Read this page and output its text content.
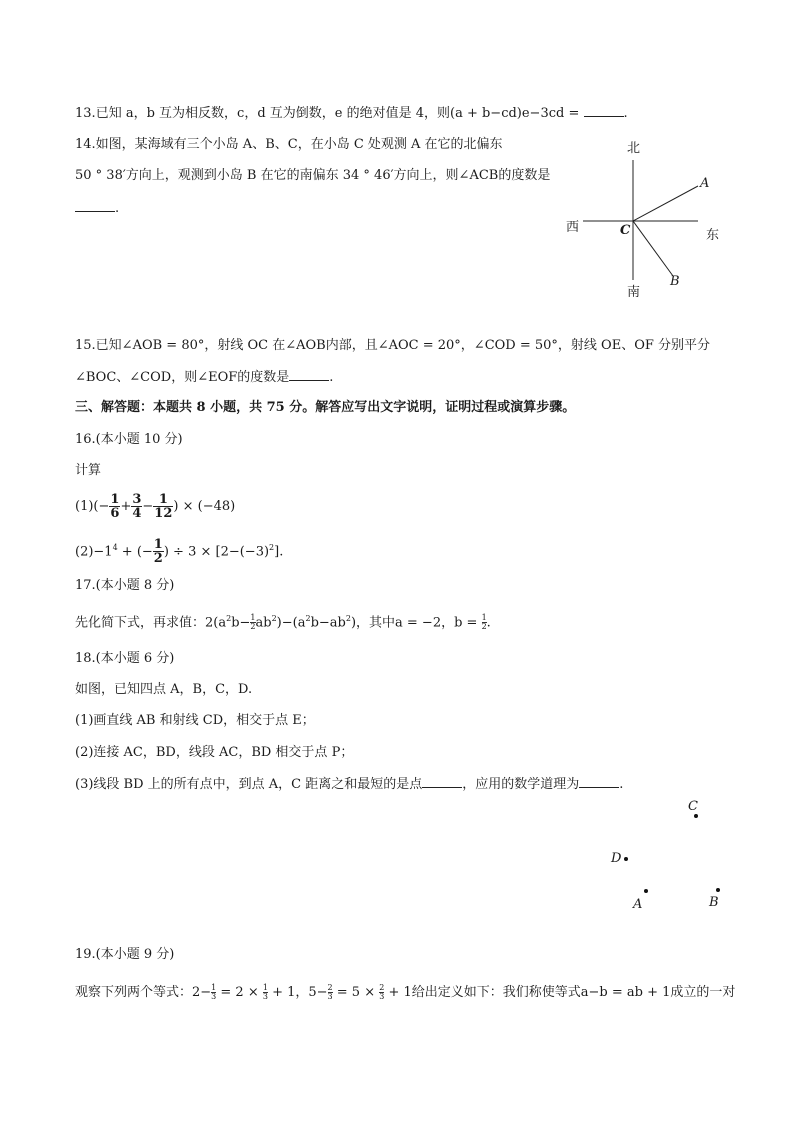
13.已知 a，b 互为相反数，c，d 互为倒数，e 的绝对值是 4，则(a + b−cd)e−3cd =	.
14.如图，某海域有三个小岛 A、B、C，在小岛 C 处观测 A 在它的北偏东
50 ° 38′方向上，观测到小岛 B 在它的南偏东 34 ° 46′方向上，则∠ACB的度数是
.
北
南
西
东
A
B
C
15.已知∠AOB = 80°，射线 OC 在∠AOB内部，且∠AOC = 20°，∠COD = 50°，射线 OE、OF 分别平分
∠BOC、∠COD，则∠EOF的度数是	.
三、解答题：本题共 8 小题，共 75 分。解答应写出文字说明，证明过程或演算步骤。
16.(本小题 10 分)
计算
$(1)(- \frac{1}{6} + \frac{3}{4} - \frac{1}{12}$ ) × (−48)
$(2)-1^4$ + (− $\frac{1}{2}$ ) ÷ $3 \times [2-(-3)^2]$.
17.(本小题 8 分)
先化简下式，再求值：$2(a^2b- \frac{1}{2} ab^2)-(a^2b-ab^2)$，其中a = −2，$b = \frac{1}{2}$ .
18.(本小题 6 分)
如图，已知四点 A，B，C，D.
(1)画直线 AB 和射线 CD，相交于点 E；
(2)连接 AC，BD，线段 AC，BD 相交于点 P；
(3)线段 BD 上的所有点中，到点 A，C 距离之和最短的是点	，应用的数学道理为	.
C
D
A	B
19.(本小题 9 分)
观察下列两个等式：$2- \frac{1}{3} = 2 \times \frac{1}{3} + 1$，$5- \frac{2}{3} = 5 \times \frac{2}{3} + 1$给出定义如下：我们称使等式a−b = ab + 1成立的一对
